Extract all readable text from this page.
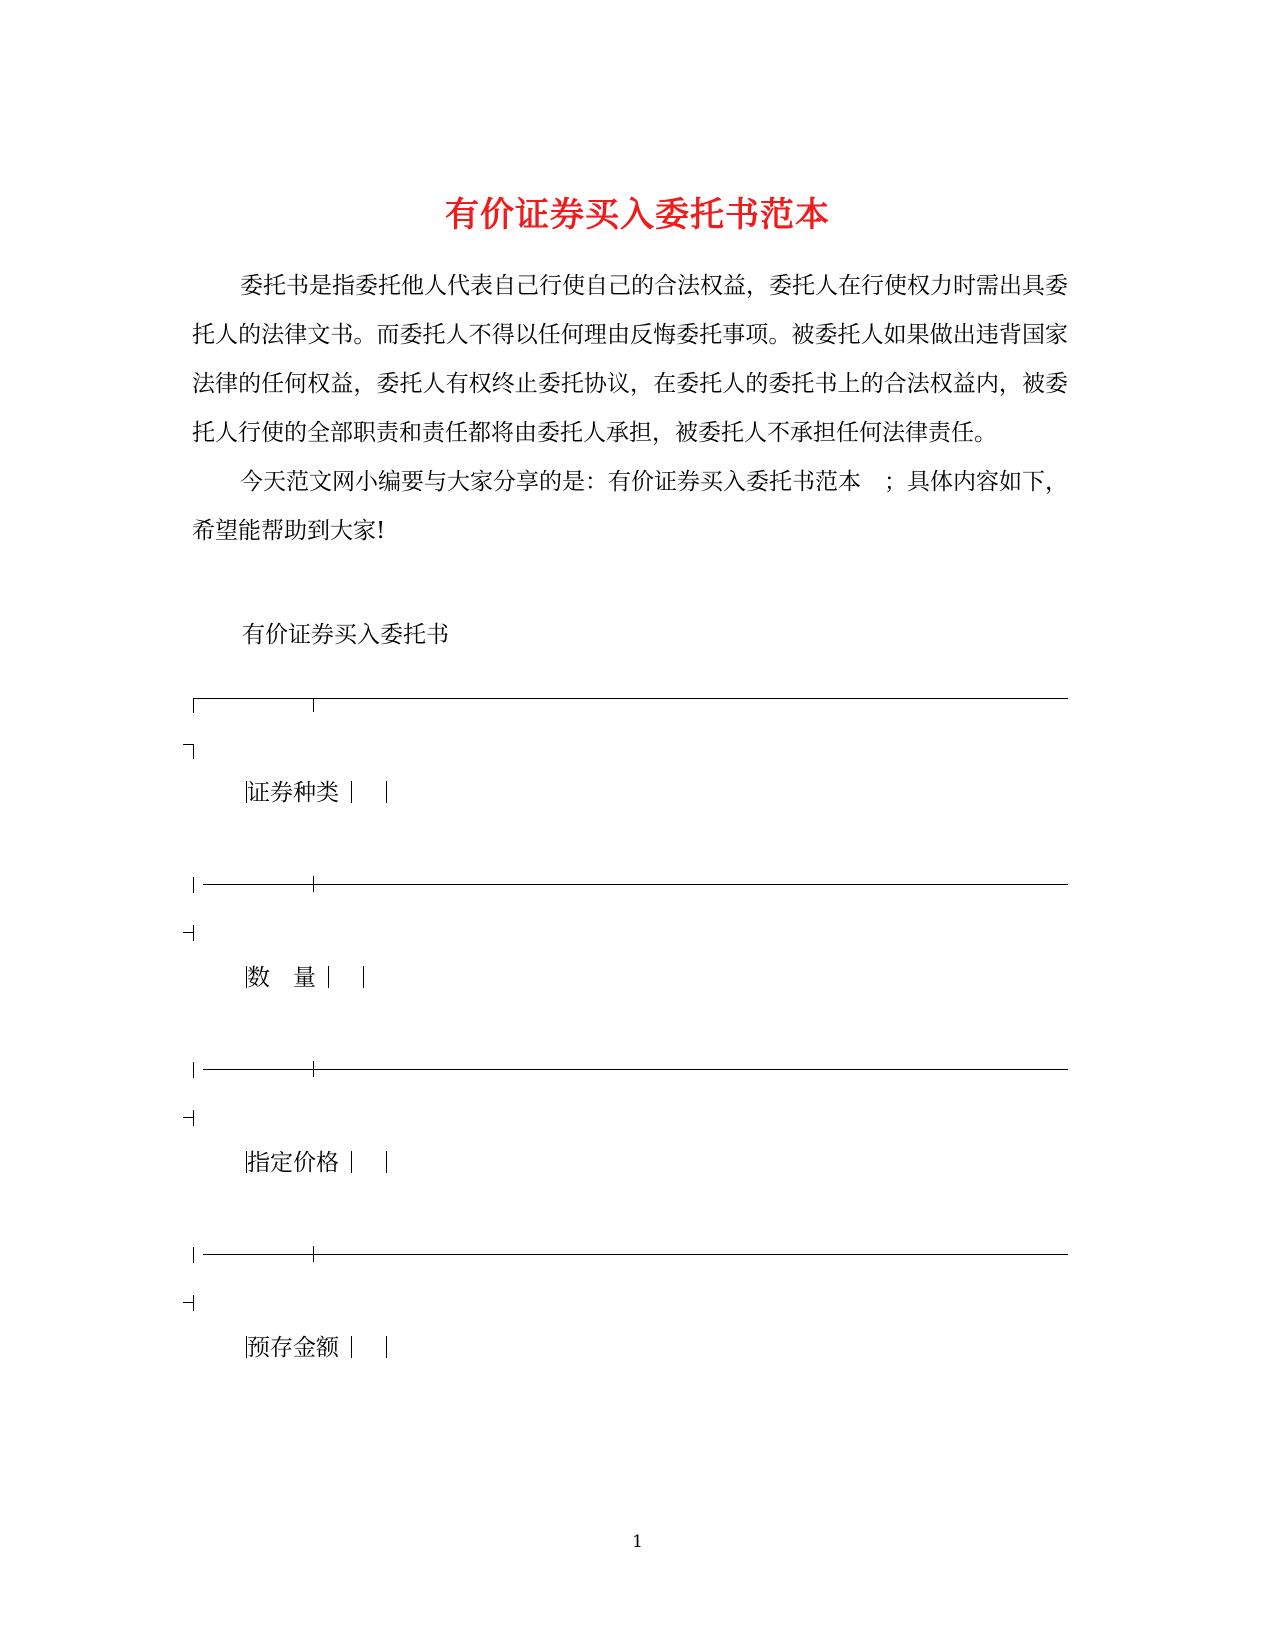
有价证券买入委托书范本

委托书是指委托他人代表自己行使自己的合法权益，委托人在行使权力时需出具委托人的法律文书。而委托人不得以任何理由反悔委托事项。被委托人如果做出违背国家法律的任何权益，委托人有权终止委托协议，在委托人的委托书上的合法权益内，被委托人行使的全部职责和责任都将由委托人承担，被委托人不承担任何法律责任。

今天范文网小编要与大家分享的是：有价证券买入委托书范本　；具体内容如下，希望能帮助到大家!

有价证券买入委托书

证券种类
数　量
指定价格
预存金额
1
